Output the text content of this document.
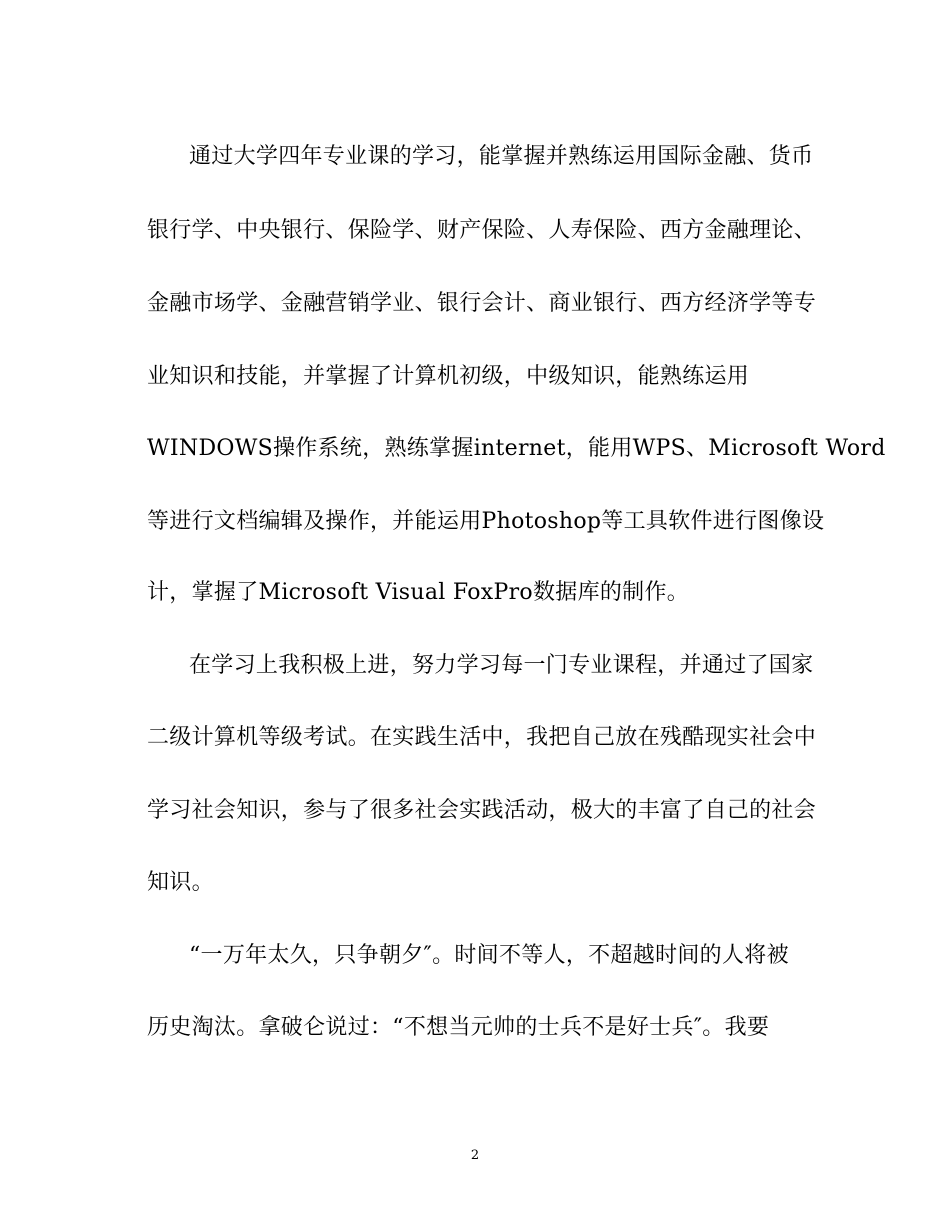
通过大学四年专业课的学习，能掌握并熟练运用国际金融、货币
银行学、中央银行、保险学、财产保险、人寿保险、西方金融理论、
金融市场学、金融营销学业、银行会计、商业银行、西方经济学等专
业知识和技能，并掌握了计算机初级，中级知识，能熟练运用
WINDOWS操作系统，熟练掌握internet，能用WPS、Microsoft Word
等进行文档编辑及操作，并能运用Photoshop等工具软件进行图像设
计，掌握了Microsoft Visual FoxPro数据库的制作。
在学习上我积极上进，努力学习每一门专业课程，并通过了国家
二级计算机等级考试。在实践生活中，我把自己放在残酷现实社会中
学习社会知识，参与了很多社会实践活动，极大的丰富了自己的社会
知识。
“一万年太久，只争朝夕″。时间不等人，不超越时间的人将被
历史淘汰。拿破仑说过：“不想当元帅的士兵不是好士兵″。我要
2
